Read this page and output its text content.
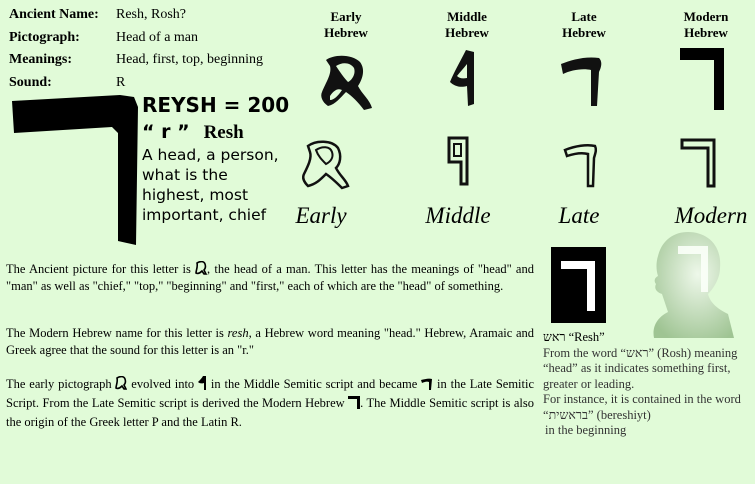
Ancient Name:	Resh, Rosh?
Pictograph:	Head of a man
Meanings:	Head, first, top, beginning
Sound:	R
Early
Hebrew
Middle
Hebrew
Late
Hebrew
Modern
Hebrew
REYSH = 200
“ r ” Resh
A head, a person, what is the highest, most important, chief	Early	Middle	Late	Modern
The Ancient picture for this letter is , the head of a man. This letter has the meanings of "head" and "man" as well as "chief," "top," "beginning" and "first," each of which are the "head" of something.
The Modern Hebrew name for this letter is resh, a Hebrew word meaning "head." Hebrew, Aramaic and Greek agree that the sound for this letter is an "r."
The early pictograph  evolved into  in the Middle Semitic script and became  in the Late Semitic Script. From the Late Semitic script is derived the Modern Hebrew . The Middle Semitic script is also the origin of the Greek letter P and the Latin R.
ראש “Resh”
From the word “ראש” (Rosh) meaning “head” as it indicates something first, greater or leading.
For instance, it is contained in the word “בראשית” (bereshiyt)
in the beginning
